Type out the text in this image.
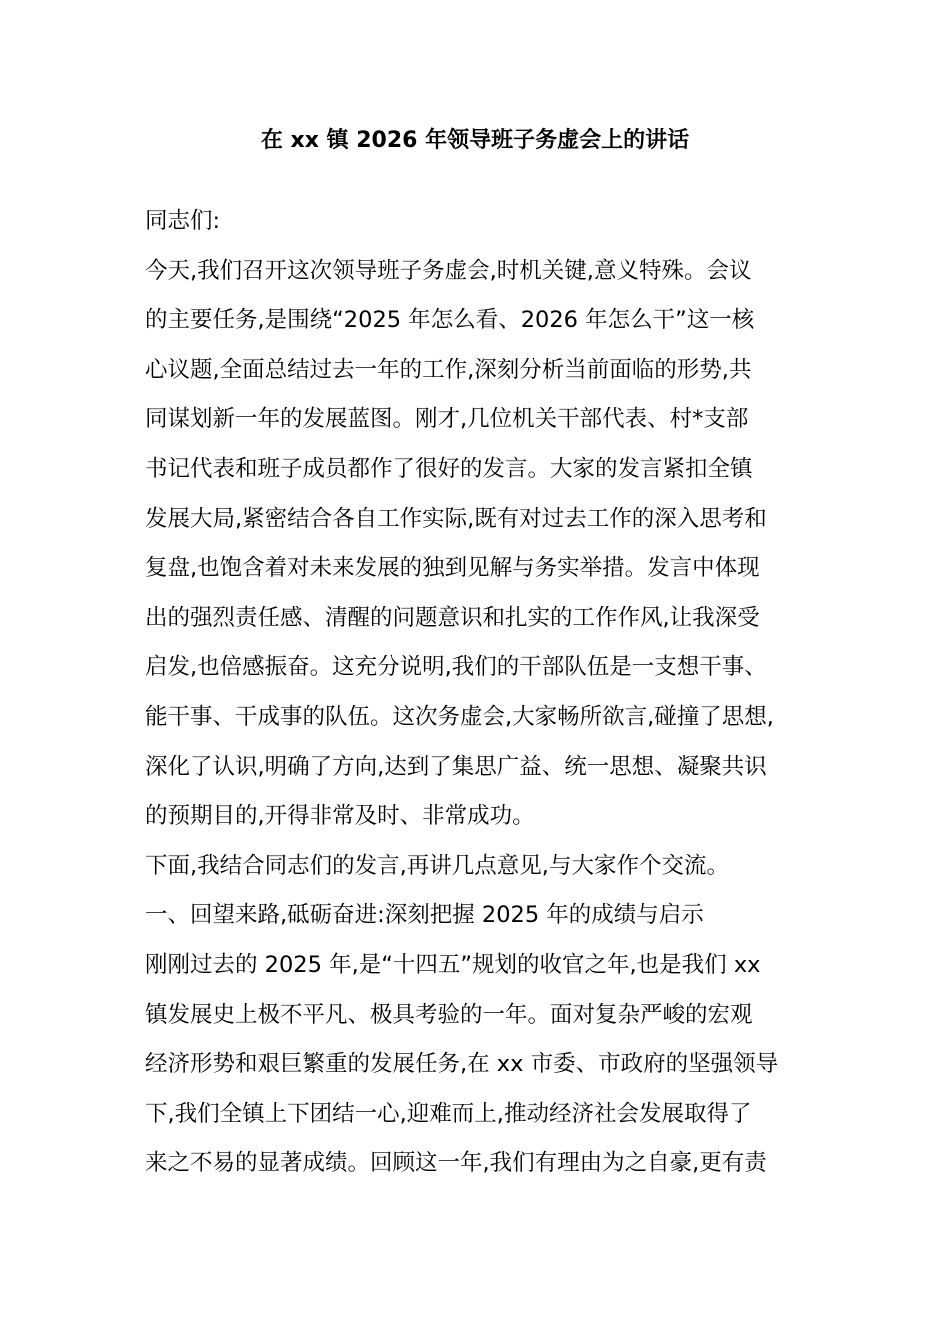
在 xx 镇 2026 年领导班子务虚会上的讲话
同志们:
今天,我们召开这次领导班子务虚会,时机关键,意义特殊。会议
的主要任务,是围绕“2025 年怎么看、2026 年怎么干”这一核
心议题,全面总结过去一年的工作,深刻分析当前面临的形势,共
同谋划新一年的发展蓝图。刚才,几位机关干部代表、村*支部
书记代表和班子成员都作了很好的发言。大家的发言紧扣全镇
发展大局,紧密结合各自工作实际,既有对过去工作的深入思考和
复盘,也饱含着对未来发展的独到见解与务实举措。发言中体现
出的强烈责任感、清醒的问题意识和扎实的工作作风,让我深受
启发,也倍感振奋。这充分说明,我们的干部队伍是一支想干事、
能干事、干成事的队伍。这次务虚会,大家畅所欲言,碰撞了思想,
深化了认识,明确了方向,达到了集思广益、统一思想、凝聚共识
的预期目的,开得非常及时、非常成功。
下面,我结合同志们的发言,再讲几点意见,与大家作个交流。
一、回望来路,砥砺奋进:深刻把握 2025 年的成绩与启示
刚刚过去的 2025 年,是“十四五”规划的收官之年,也是我们 xx
镇发展史上极不平凡、极具考验的一年。面对复杂严峻的宏观
经济形势和艰巨繁重的发展任务,在 xx 市委、市政府的坚强领导
下,我们全镇上下团结一心,迎难而上,推动经济社会发展取得了
来之不易的显著成绩。回顾这一年,我们有理由为之自豪,更有责
